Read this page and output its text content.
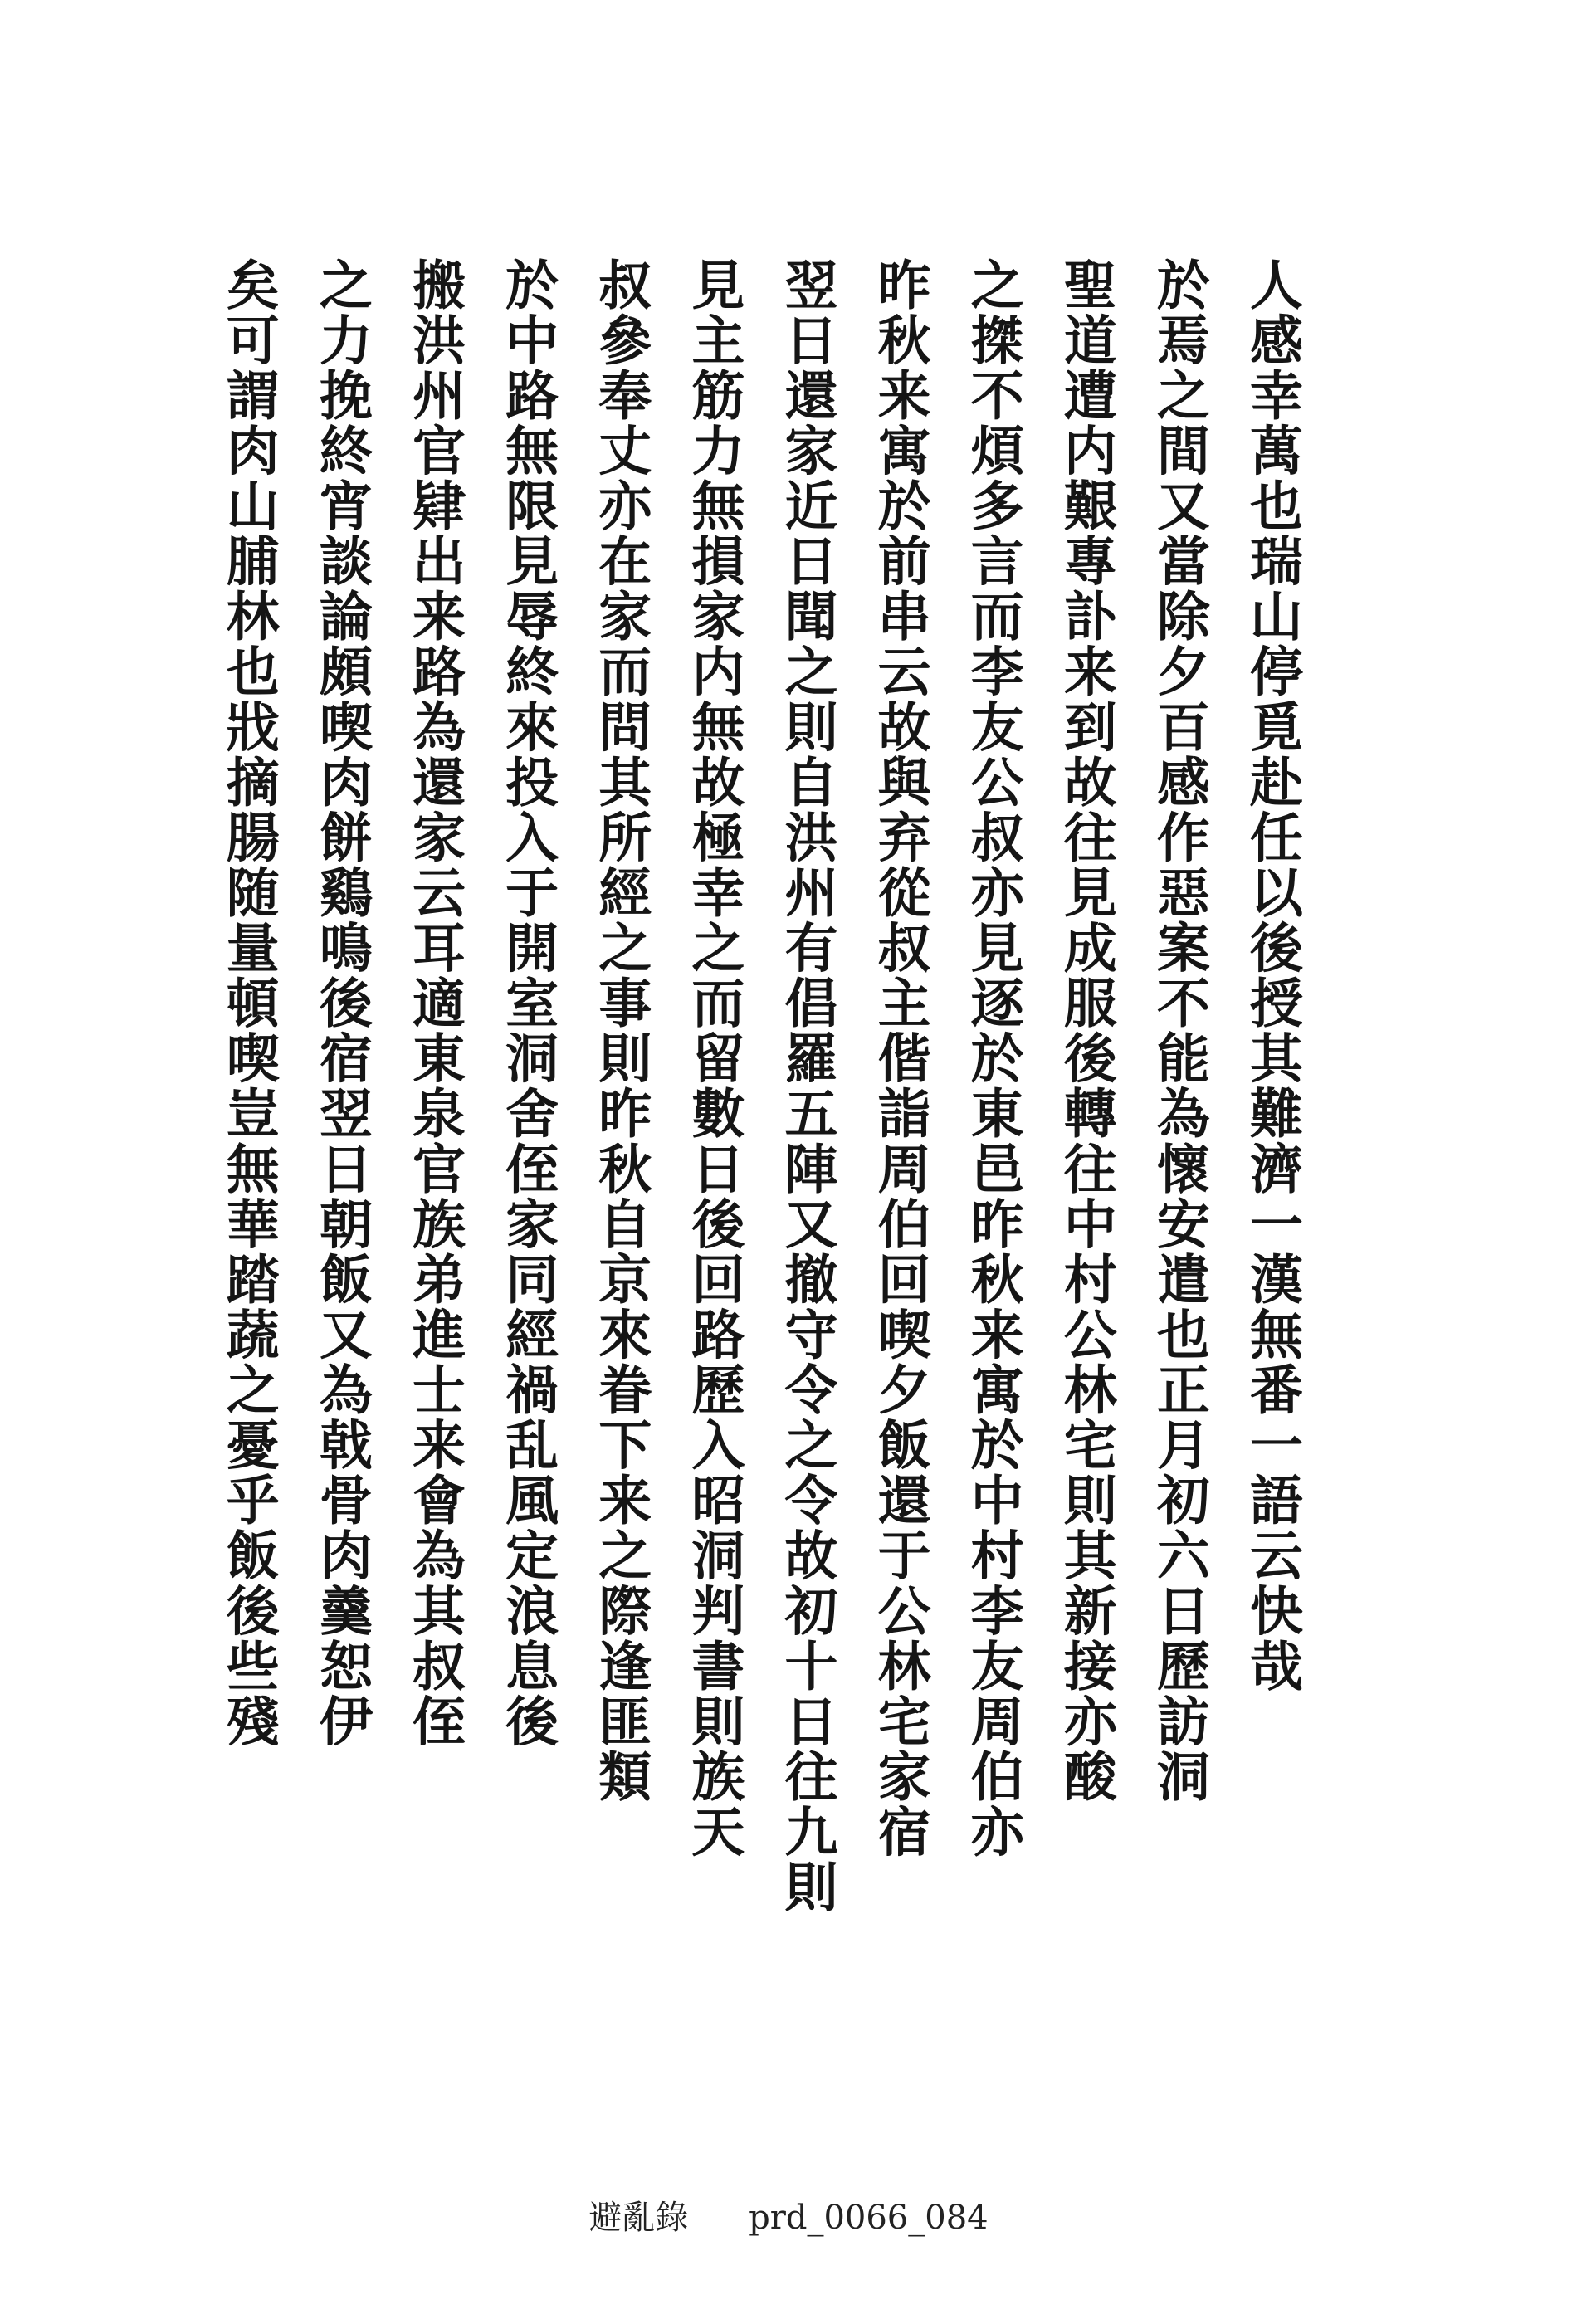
人感幸萬也瑞山停覓赴任以後授其難濟一漢無番一語云快哉
於焉之間又當除夕百感作惡案不能為懷安遣也正月初六日歷訪洞
聖道遭内艱專訃来到故往見成服後轉往中村公林宅則其新接亦酸
之搩不煩多言而李友公叔亦見逐於東邑昨秋来寓於中村李友周伯亦
昨秋来寓於前串云故與弃從叔主偕詣周伯回喫夕飯還于公林宅家宿
翌日還家近日聞之則自洪州有倡羅五陣又撤守令之令故初十日往九則
見主筋力無損家内無故極幸之而留數日後回路歷入昭洞判書則族天
叔參奉丈亦在家而問其所經之事則昨秋自京來眷下来之際逢匪類
於中路無限見辱終來投入于開室洞舍侄家同經禍乱風定浪息後
搬洪州官肄出来路為還家云耳適東泉官族弟進士来會為其叔侄
之力挽終宵談論頗喫肉餅鷄鳴後宿翌日朝飯又為戟骨肉羹恕伊
矣可謂肉山脯林也戕摘腸随量頓喫豈無華踏蔬之憂乎飯後些殘
避亂錄 prd_0066_084
